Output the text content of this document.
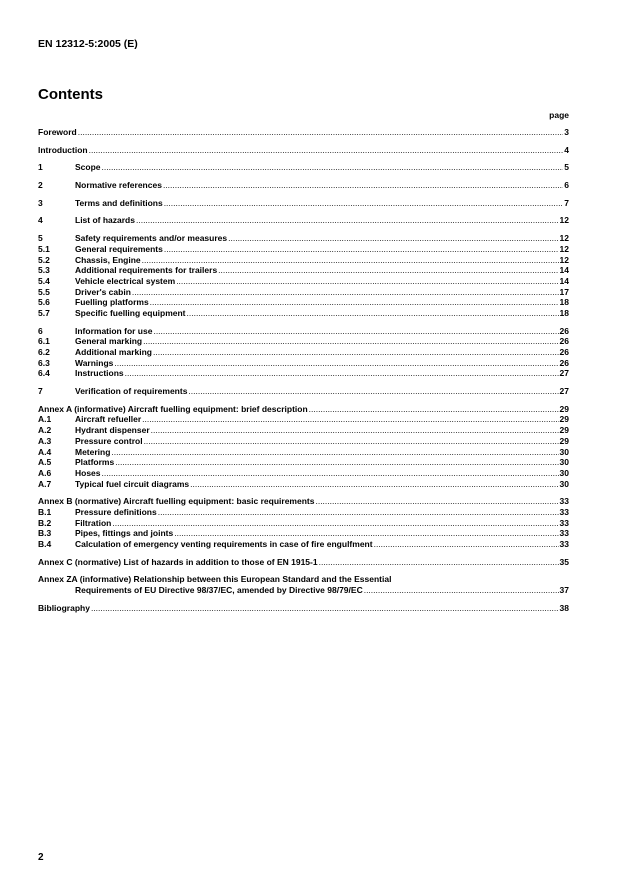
EN 12312-5:2005 (E)
Contents
page
Foreword .....	3
Introduction .....	4
1	Scope .....	5
2	Normative references .....	6
3	Terms and definitions .....	7
4	List of hazards .....	12
5	Safety requirements and/or measures .....	12
5.1	General requirements .....	12
5.2	Chassis, Engine .....	12
5.3	Additional requirements for trailers .....	14
5.4	Vehicle electrical system .....	14
5.5	Driver's cabin .....	17
5.6	Fuelling platforms .....	18
5.7	Specific fuelling equipment .....	18
6	Information for use .....	26
6.1	General marking .....	26
6.2	Additional marking .....	26
6.3	Warnings .....	26
6.4	Instructions .....	27
7	Verification of requirements .....	27
Annex A (informative) Aircraft fuelling equipment: brief description .....	29
A.1	Aircraft refueller .....	29
A.2	Hydrant dispenser .....	29
A.3	Pressure control .....	29
A.4	Metering .....	30
A.5	Platforms .....	30
A.6	Hoses .....	30
A.7	Typical fuel circuit diagrams .....	30
Annex B (normative) Aircraft fuelling equipment: basic requirements .....	33
B.1	Pressure definitions .....	33
B.2	Filtration .....	33
B.3	Pipes, fittings and joints .....	33
B.4	Calculation of emergency venting requirements in case of fire engulfment .....	33
Annex C (normative) List of hazards in addition to those of EN 1915-1 .....	35
Annex ZA (informative) Relationship between this European Standard and the Essential
Requirements of EU Directive 98/37/EC, amended by Directive 98/79/EC .....	37
Bibliography .....	38
2
